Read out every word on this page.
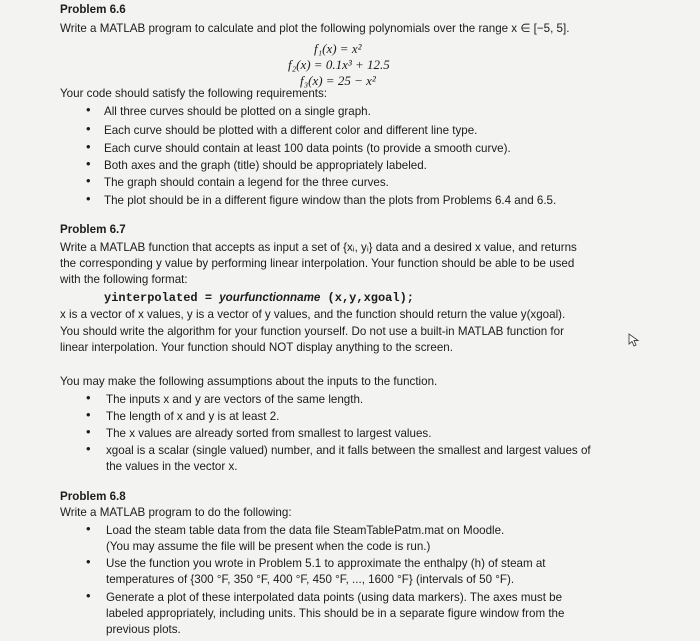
Problem 6.6
Write a MATLAB program to calculate and plot the following polynomials over the range x ∈ [−5, 5].
f₁(x) = x²
f₂(x) = 0.1x³ + 12.5
f₃(x) = 25 − x²
Your code should satisfy the following requirements:
• All three curves should be plotted on a single graph.
• Each curve should be plotted with a different color and different line type.
• Each curve should contain at least 100 data points (to provide a smooth curve).
• Both axes and the graph (title) should be appropriately labeled.
• The graph should contain a legend for the three curves.
• The plot should be in a different figure window than the plots from Problems 6.4 and 6.5.
Problem 6.7
Write a MATLAB function that accepts as input a set of {xᵢ, yᵢ} data and a desired x value, and returns
the corresponding y value by performing linear interpolation. Your function should be able to be used
with the following format:
yinterpolated = yourfunctionname (x,y,xgoal);
x is a vector of x values, y is a vector of y values, and the function should return the value y(xgoal).
You should write the algorithm for your function yourself. Do not use a built-in MATLAB function for
linear interpolation. Your function should NOT display anything to the screen.
You may make the following assumptions about the inputs to the function.
• The inputs x and y are vectors of the same length.
• The length of x and y is at least 2.
• The x values are already sorted from smallest to largest values.
• xgoal is a scalar (single valued) number, and it falls between the smallest and largest values of
the values in the vector x.
Problem 6.8
Write a MATLAB program to do the following:
• Load the steam table data from the data file SteamTablePatm.mat on Moodle.
(You may assume the file will be present when the code is run.)
• Use the function you wrote in Problem 5.1 to approximate the enthalpy (h) of steam at
temperatures of {300 °F, 350 °F, 400 °F, 450 °F, ..., 1600 °F} (intervals of 50 °F).
• Generate a plot of these interpolated data points (using data markers). The axes must be
labeled appropriately, including units. This should be in a separate figure window from the
previous plots.
